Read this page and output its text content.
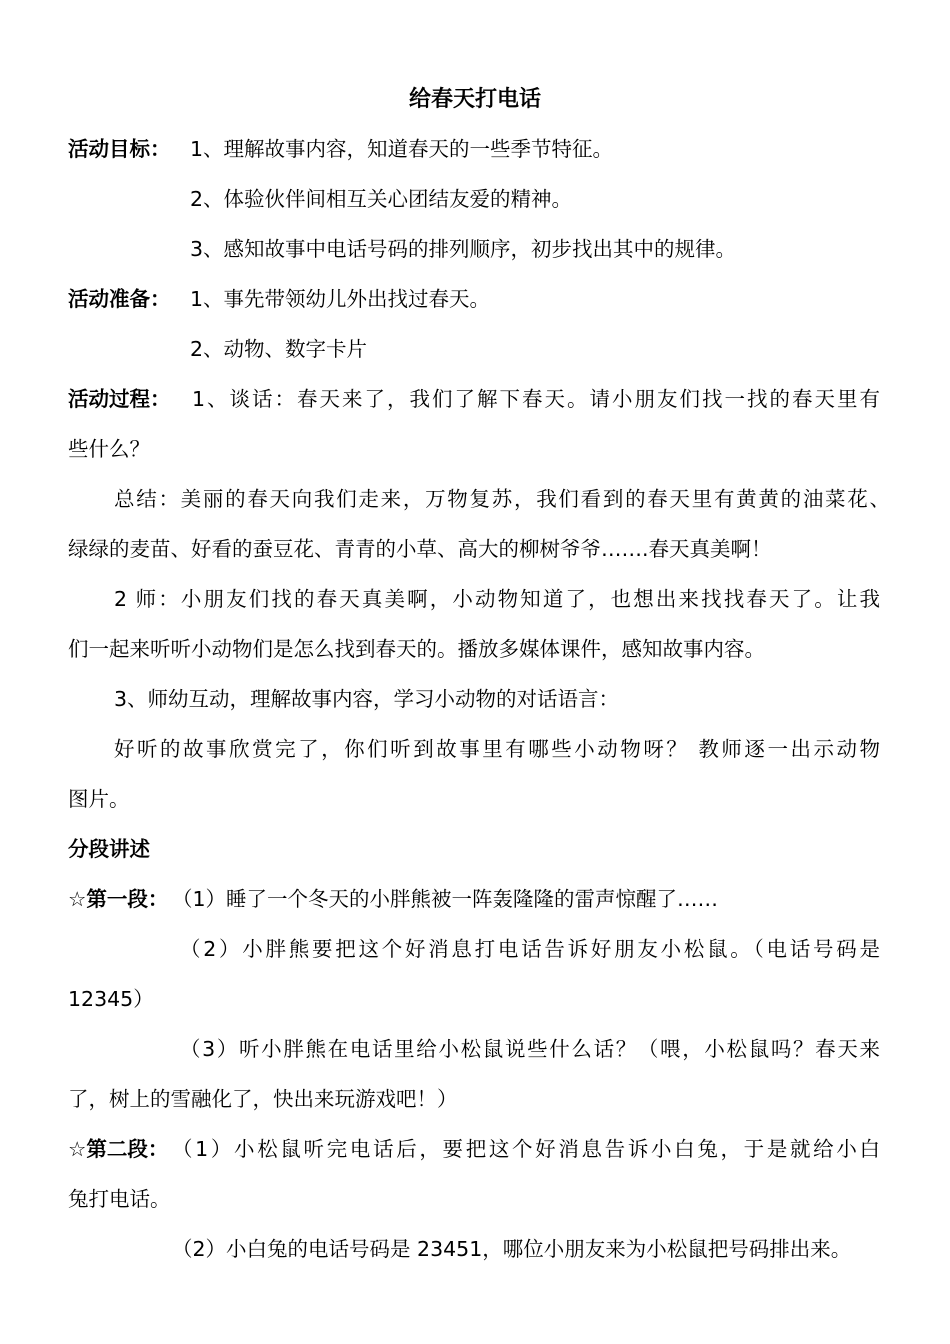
给春天打电话
活动目标： 1、理解故事内容，知道春天的一些季节特征。
2、体验伙伴间相互关心团结友爱的精神。
3、感知故事中电话号码的排列顺序，初步找出其中的规律。
活动准备： 1、事先带领幼儿外出找过春天。
2、动物、数字卡片
活动过程： 1、谈话：春天来了，我们了解下春天。请小朋友们找一找的春天里有
些什么？
总结：美丽的春天向我们走来，万物复苏，我们看到的春天里有黄黄的油菜花、
绿绿的麦苗、好看的蚕豆花、青青的小草、高大的柳树爷爷…….春天真美啊！
2 师：小朋友们找的春天真美啊，小动物知道了，也想出来找找春天了。让我
们一起来听听小动物们是怎么找到春天的。播放多媒体课件，感知故事内容。
3、师幼互动，理解故事内容，学习小动物的对话语言：
好听的故事欣赏完了，你们听到故事里有哪些小动物呀？ 教师逐一出示动物
图片。
分段讲述
☆第一段： （1）睡了一个冬天的小胖熊被一阵轰隆隆的雷声惊醒了……
（2）小胖熊要把这个好消息打电话告诉好朋友小松鼠。（电话号码是
12345）
（3）听小胖熊在电话里给小松鼠说些什么话？（喂，小松鼠吗？春天来
了，树上的雪融化了，快出来玩游戏吧！）
☆第二段： （1）小松鼠听完电话后，要把这个好消息告诉小白兔，于是就给小白
兔打电话。
（2）小白兔的电话号码是 23451，哪位小朋友来为小松鼠把号码排出来。
